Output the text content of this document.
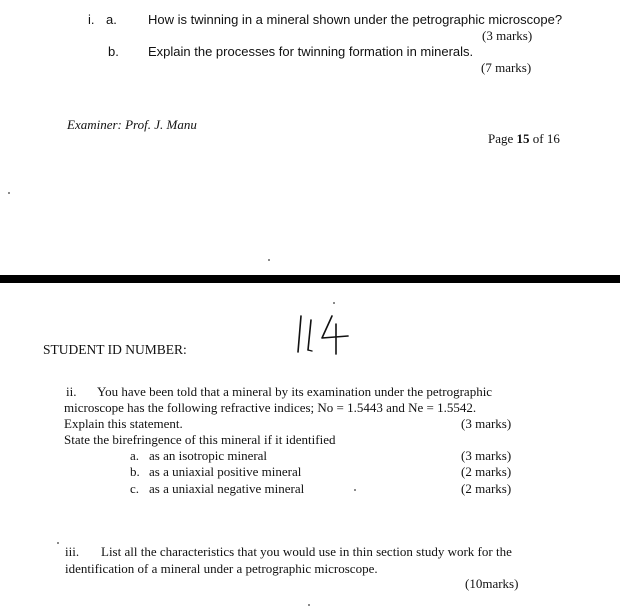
i. a. How is twinning in a mineral shown under the petrographic microscope?
(3 marks)
b. Explain the processes for twinning formation in minerals.
(7 marks)
Examiner: Prof. J. Manu
Page 15 of 16
STUDENT ID NUMBER:
ii. You have been told that a mineral by its examination under the petrographic
microscope has the following refractive indices; No = 1.5443 and Ne = 1.5542.
Explain this statement.	(3 marks)
State the birefringence of this mineral if it identified
a. as an isotropic mineral	(3 marks)
b. as a uniaxial positive mineral	(2 marks)
c. as a uniaxial negative mineral	(2 marks)
iii. List all the characteristics that you would use in thin section study work for the
identification of a mineral under a petrographic microscope.
(10marks)
